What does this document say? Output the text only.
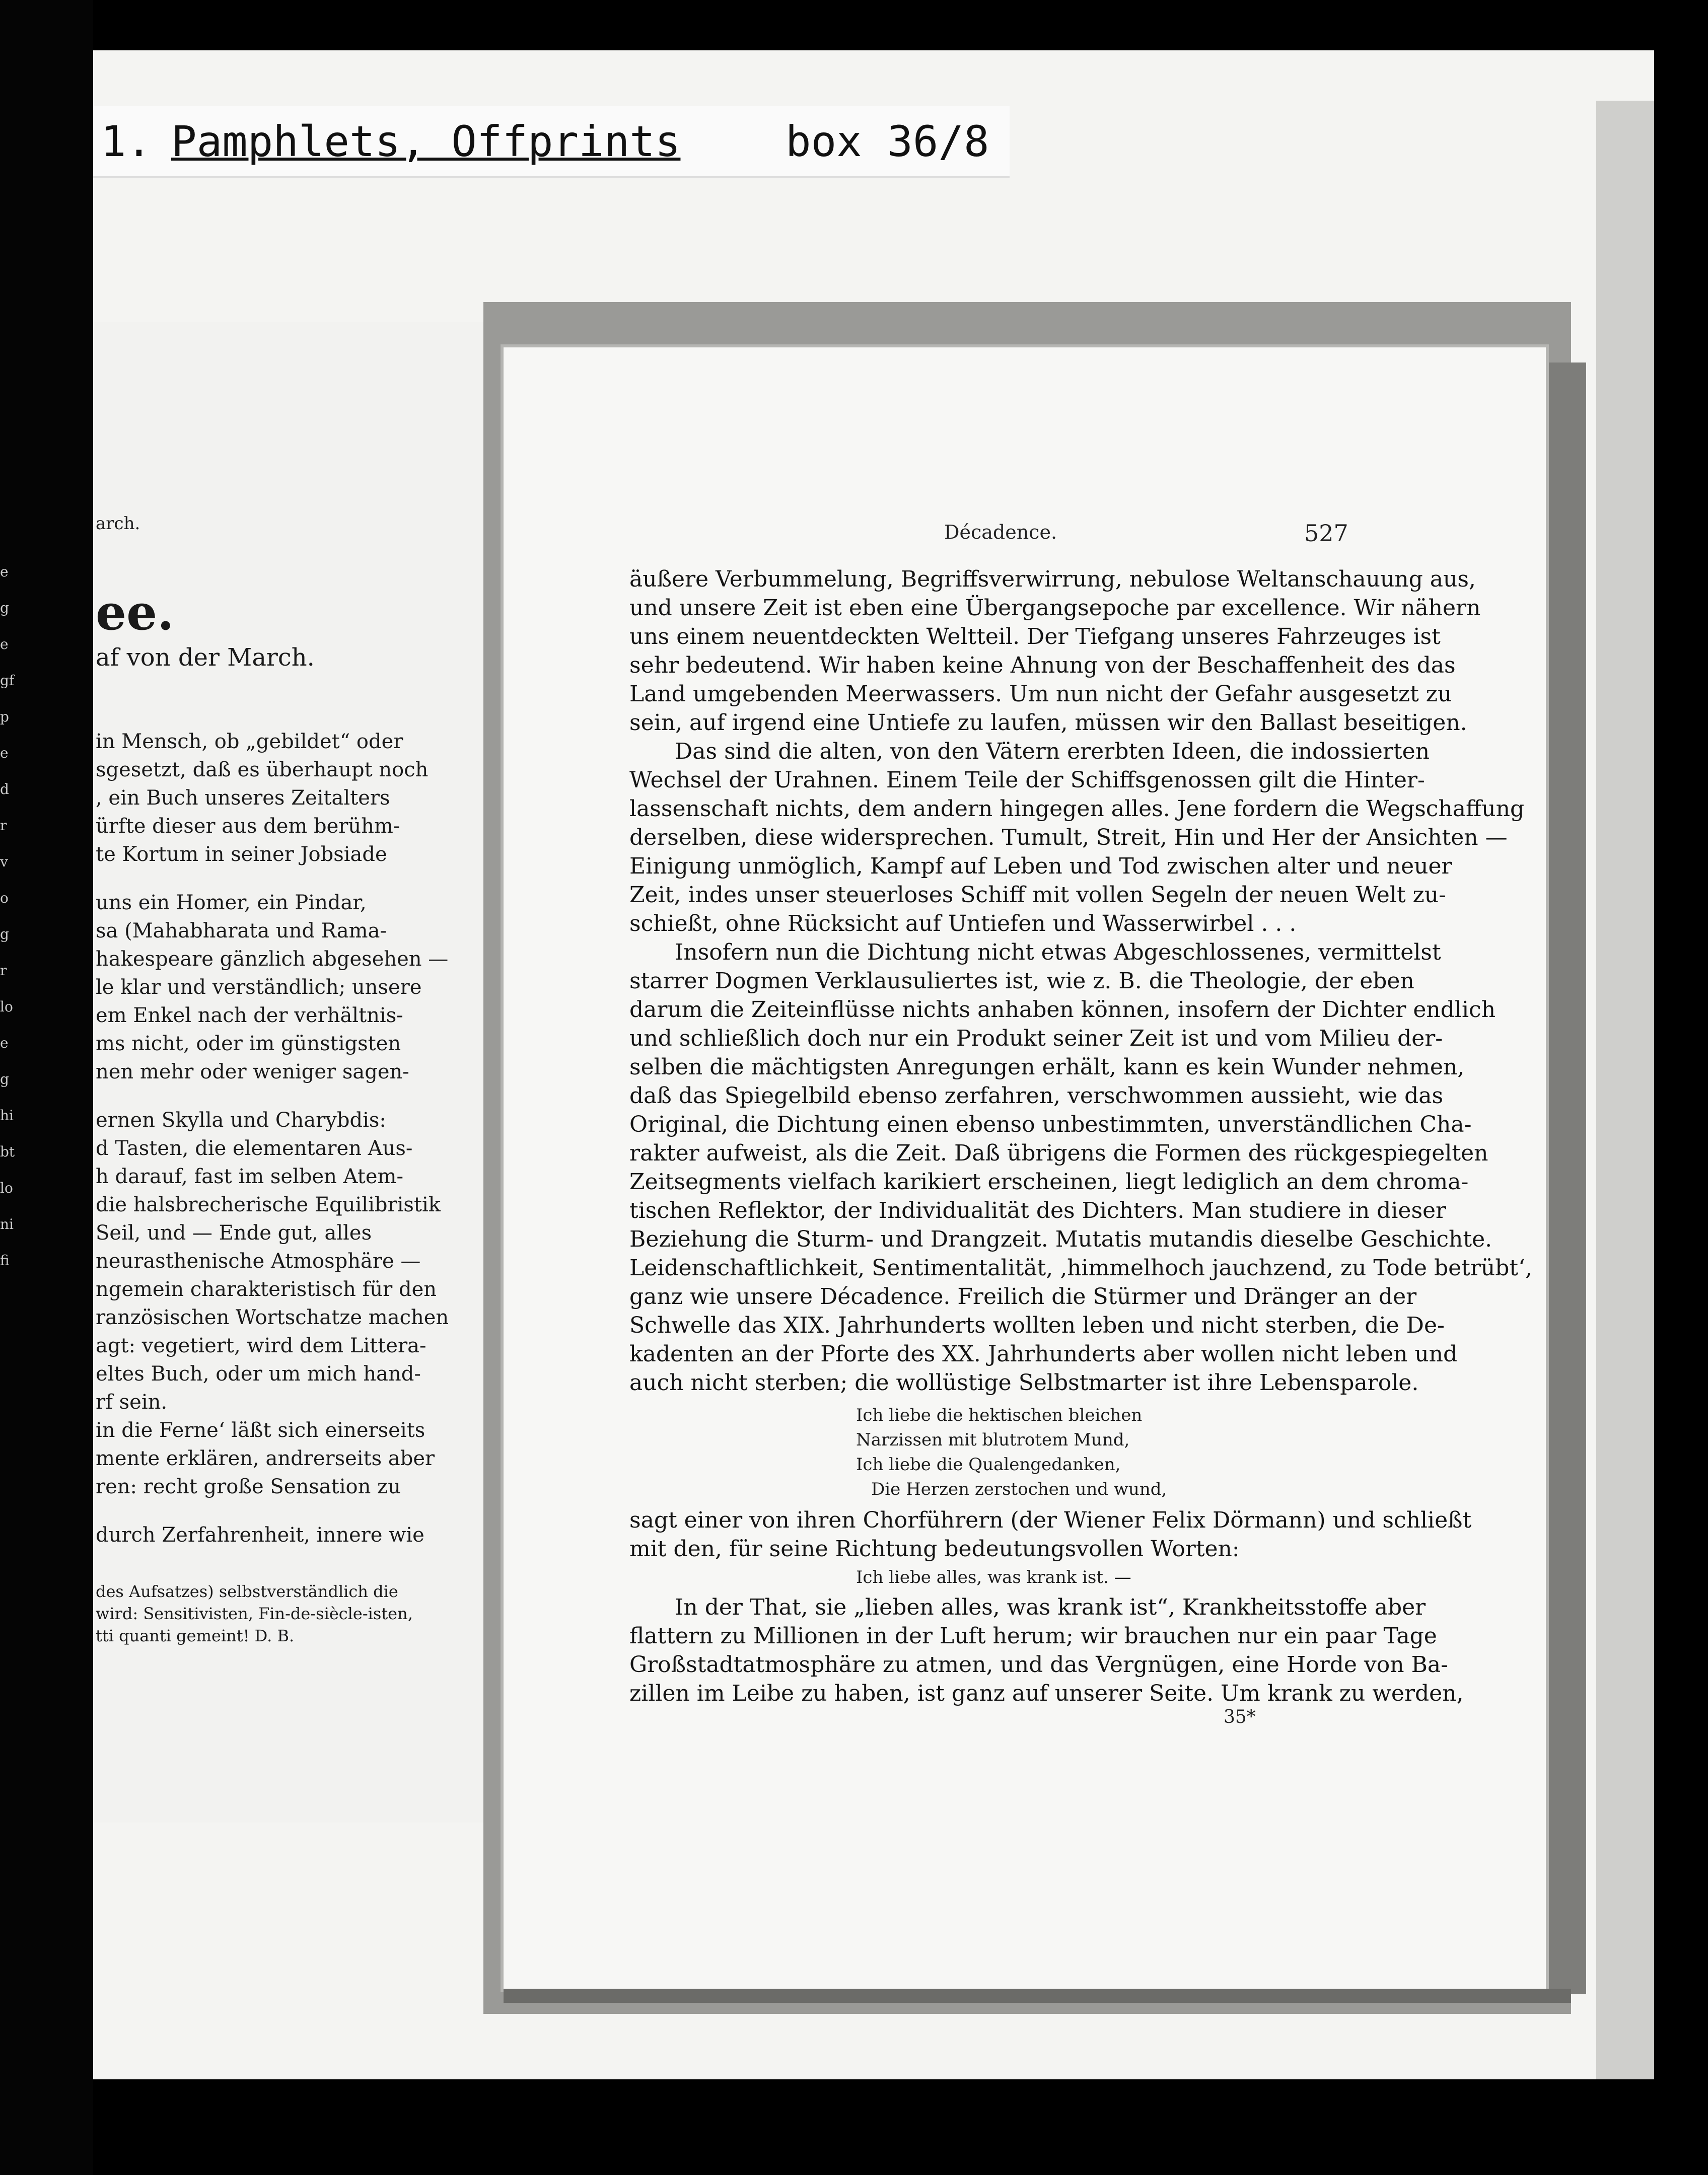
1. Pamphlets, Offprints box 36/8
arch.
ee.
af von der March.
in Mensch, ob „gebildet“ oder
sgesetzt, daß es überhaupt noch
, ein Buch unseres Zeitalters
ürfte dieser aus dem berühm-
te Kortum in seiner Jobsiade
uns ein Homer, ein Pindar,
sa (Mahabharata und Rama-
hakespeare gänzlich abgesehen —
le klar und verständlich; unsere
em Enkel nach der verhältnis-
ms nicht, oder im günstigsten
nen mehr oder weniger sagen-
ernen Skylla und Charybdis:
d Tasten, die elementaren Aus-
h darauf, fast im selben Atem-
die halsbrecherische Equilibristik
Seil, und — Ende gut, alles
neurasthenische Atmosphäre —
ngemein charakteristisch für den
ranzösischen Wortschatze machen
agt: vegetiert, wird dem Littera-
eltes Buch, oder um mich hand-
rf sein.
in die Ferne‘ läßt sich einerseits
mente erklären, andrerseits aber
ren: recht große Sensation zu
durch Zerfahrenheit, innere wie
des Aufsatzes) selbstverständlich die
wird: Sensitivisten, Fin-de-siècle-isten,
tti quanti gemeint! D. B.
Décadence.	527
äußere Verbummelung, Begriffsverwirrung, nebulose Weltanschauung aus,
und unsere Zeit ist eben eine Übergangsepoche par excellence. Wir nähern
uns einem neuentdeckten Weltteil. Der Tiefgang unseres Fahrzeuges ist
sehr bedeutend. Wir haben keine Ahnung von der Beschaffenheit des das
Land umgebenden Meerwassers. Um nun nicht der Gefahr ausgesetzt zu
sein, auf irgend eine Untiefe zu laufen, müssen wir den Ballast beseitigen.
Das sind die alten, von den Vätern ererbten Ideen, die indossierten
Wechsel der Urahnen. Einem Teile der Schiffsgenossen gilt die Hinter-
lassenschaft nichts, dem andern hingegen alles. Jene fordern die Wegschaffung
derselben, diese widersprechen. Tumult, Streit, Hin und Her der Ansichten —
Einigung unmöglich, Kampf auf Leben und Tod zwischen alter und neuer
Zeit, indes unser steuerloses Schiff mit vollen Segeln der neuen Welt zu-
schießt, ohne Rücksicht auf Untiefen und Wasserwirbel . . .
Insofern nun die Dichtung nicht etwas Abgeschlossenes, vermittelst
starrer Dogmen Verklausuliertes ist, wie z. B. die Theologie, der eben
darum die Zeiteinflüsse nichts anhaben können, insofern der Dichter endlich
und schließlich doch nur ein Produkt seiner Zeit ist und vom Milieu der-
selben die mächtigsten Anregungen erhält, kann es kein Wunder nehmen,
daß das Spiegelbild ebenso zerfahren, verschwommen aussieht, wie das
Original, die Dichtung einen ebenso unbestimmten, unverständlichen Cha-
rakter aufweist, als die Zeit. Daß übrigens die Formen des rückgespiegelten
Zeitsegments vielfach karikiert erscheinen, liegt lediglich an dem chroma-
tischen Reflektor, der Individualität des Dichters. Man studiere in dieser
Beziehung die Sturm- und Drangzeit. Mutatis mutandis dieselbe Geschichte.
Leidenschaftlichkeit, Sentimentalität, ‚himmelhoch jauchzend, zu Tode betrübt‘,
ganz wie unsere Décadence. Freilich die Stürmer und Dränger an der
Schwelle das XIX. Jahrhunderts wollten leben und nicht sterben, die De-
kadenten an der Pforte des XX. Jahrhunderts aber wollen nicht leben und
auch nicht sterben; die wollüstige Selbstmarter ist ihre Lebensparole.
Ich liebe die hektischen bleichen
Narzissen mit blutrotem Mund,
Ich liebe die Qualengedanken,
Die Herzen zerstochen und wund,
sagt einer von ihren Chorführern (der Wiener Felix Dörmann) und schließt
mit den, für seine Richtung bedeutungsvollen Worten:
Ich liebe alles, was krank ist. —
In der That, sie „lieben alles, was krank ist“, Krankheitsstoffe aber
flattern zu Millionen in der Luft herum; wir brauchen nur ein paar Tage
Großstadtatmosphäre zu atmen, und das Vergnügen, eine Horde von Ba-
zillen im Leibe zu haben, ist ganz auf unserer Seite. Um krank zu werden,
35*
eg egf pe dr vo gr lo eg hi bt lo ni fi
